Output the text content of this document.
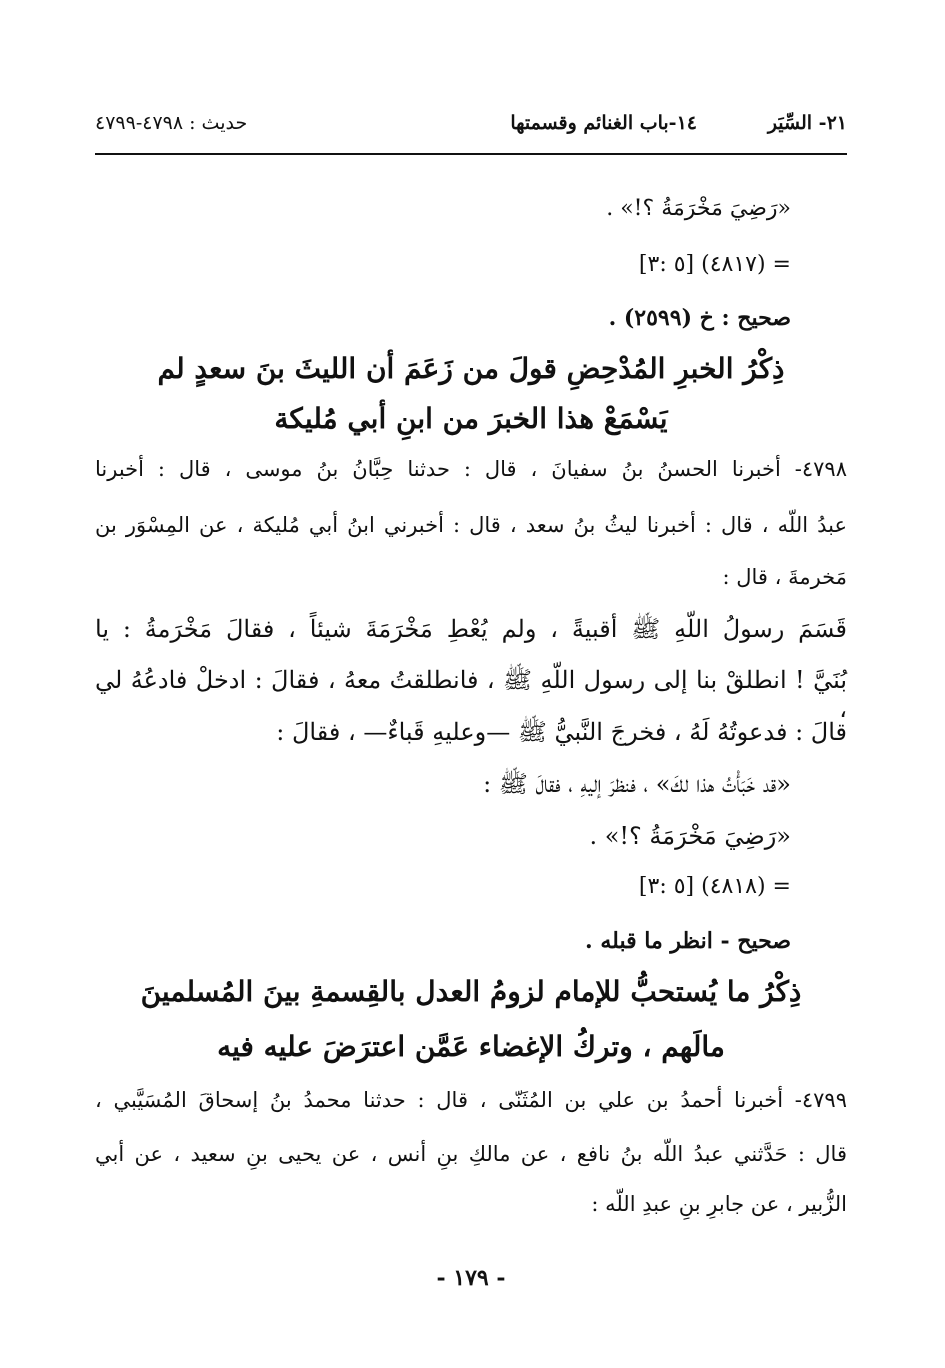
٢١- السِّيَر
١٤-باب الغنائم وقسمتها
حديث : ٤٧٩٨-٤٧٩٩
«رَضِيَ مَخْرَمَةُ ؟!» .
= (٤٨١٧) [٥ :٣]
صحيح : خ (٢٥٩٩) .
ذِكْرُ الخبرِ المُدْحِضِ قولَ من زَعَمَ أن الليثَ بنَ سعدٍ لم
يَسْمَعْ هذا الخبرَ من ابنِ أبي مُليكة
٤٧٩٨- أخبرنا الحسنُ بنُ سفيانَ ، قال : حدثنا حِبَّانُ بنُ موسى ، قال : أخبرنا
عبدُ اللّه ، قال : أخبرنا ليثُ بنُ سعد ، قال : أخبرني ابنُ أبي مُليكة ، عن المِسْوَر بن
مَخرمةَ ، قال :
قَسَمَ رسولُ اللّهِ ﷺ أقبيةً ، ولم يُعْطِ مَخْرَمَةَ شيئاً ، فقالَ مَخْرَمةُ : يا
بُنَيَّ ! انطلقْ بنا إلى رسول اللّهِ ﷺ ، فانطلقتُ معهُ ، فقالَ : ادخلْ فادعُهُ لي ،
قالَ : فدعوتُهُ لَهُ ، فخرجَ النَّبيُّ ﷺ —وعليهِ قَباءٌ— ، فقالَ :
«قد خَبَأْتُ هذا لكَ» ، فنظرَ إليهِ ، فقالَ ﷺ :
«رَضِيَ مَخْرَمَةُ ؟!» .
= (٤٨١٨) [٥ :٣]
صحيح - انظر ما قبله .
ذِكْرُ ما يُستحبُّ للإمام لزومُ العدل بالقِسمةِ بينَ المُسلمينَ
مالَهم ، وتركُ الإغضاء عَمَّن اعترَضَ عليه فيه
٤٧٩٩- أخبرنا أحمدُ بن علي بن المُثَنّى ، قال : حدثنا محمدُ بنُ إسحاقَ المُسَيَّبي ،
قال : حَدَّثني عبدُ اللّه بنُ نافع ، عن مالكِ بنِ أنس ، عن يحيى بنِ سعيد ، عن أبي
الزُّبير ، عن جابرِ بنِ عبدِ اللّه :
- ١٧٩ -
